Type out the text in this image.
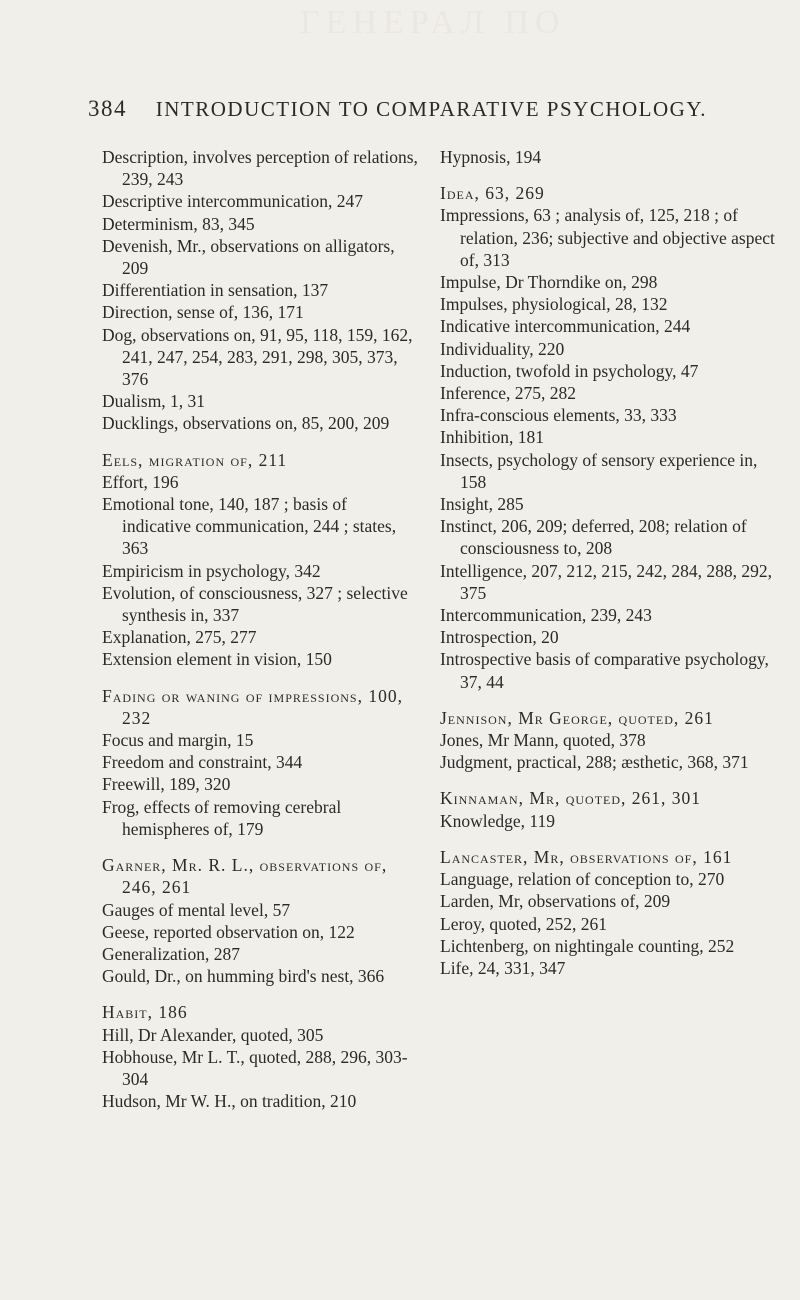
ГЕНЕРАЛ ПО
384 INTRODUCTION TO COMPARATIVE PSYCHOLOGY.
Description, involves perception of relations, 239, 243
Descriptive intercommunication, 247
Determinism, 83, 345
Devenish, Mr., observations on alligators, 209
Differentiation in sensation, 137
Direction, sense of, 136, 171
Dog, observations on, 91, 95, 118, 159, 162, 241, 247, 254, 283, 291, 298, 305, 373, 376
Dualism, 1, 31
Ducklings, observations on, 85, 200, 209
Eels, migration of, 211
Effort, 196
Emotional tone, 140, 187 ; basis of indicative communication, 244 ; states, 363
Empiricism in psychology, 342
Evolution, of consciousness, 327 ; selective synthesis in, 337
Explanation, 275, 277
Extension element in vision, 150
Fading or waning of impressions, 100, 232
Focus and margin, 15
Freedom and constraint, 344
Freewill, 189, 320
Frog, effects of removing cerebral hemispheres of, 179
Garner, Mr. R. L., observations of, 246, 261
Gauges of mental level, 57
Geese, reported observation on, 122
Generalization, 287
Gould, Dr., on humming bird's nest, 366
Habit, 186
Hill, Dr Alexander, quoted, 305
Hobhouse, Mr L. T., quoted, 288, 296, 303-304
Hudson, Mr W. H., on tradition, 210
Hypnosis, 194
Idea, 63, 269
Impressions, 63 ; analysis of, 125, 218 ; of relation, 236; subjective and objective aspect of, 313
Impulse, Dr Thorndike on, 298
Impulses, physiological, 28, 132
Indicative intercommunication, 244
Individuality, 220
Induction, twofold in psychology, 47
Inference, 275, 282
Infra-conscious elements, 33, 333
Inhibition, 181
Insects, psychology of sensory experience in, 158
Insight, 285
Instinct, 206, 209; deferred, 208; relation of consciousness to, 208
Intelligence, 207, 212, 215, 242, 284, 288, 292, 375
Intercommunication, 239, 243
Introspection, 20
Introspective basis of comparative psychology, 37, 44
Jennison, Mr George, quoted, 261
Jones, Mr Mann, quoted, 378
Judgment, practical, 288; æsthetic, 368, 371
Kinnaman, Mr, quoted, 261, 301
Knowledge, 119
Lancaster, Mr, observations of, 161
Language, relation of conception to, 270
Larden, Mr, observations of, 209
Leroy, quoted, 252, 261
Lichtenberg, on nightingale counting, 252
Life, 24, 331, 347
